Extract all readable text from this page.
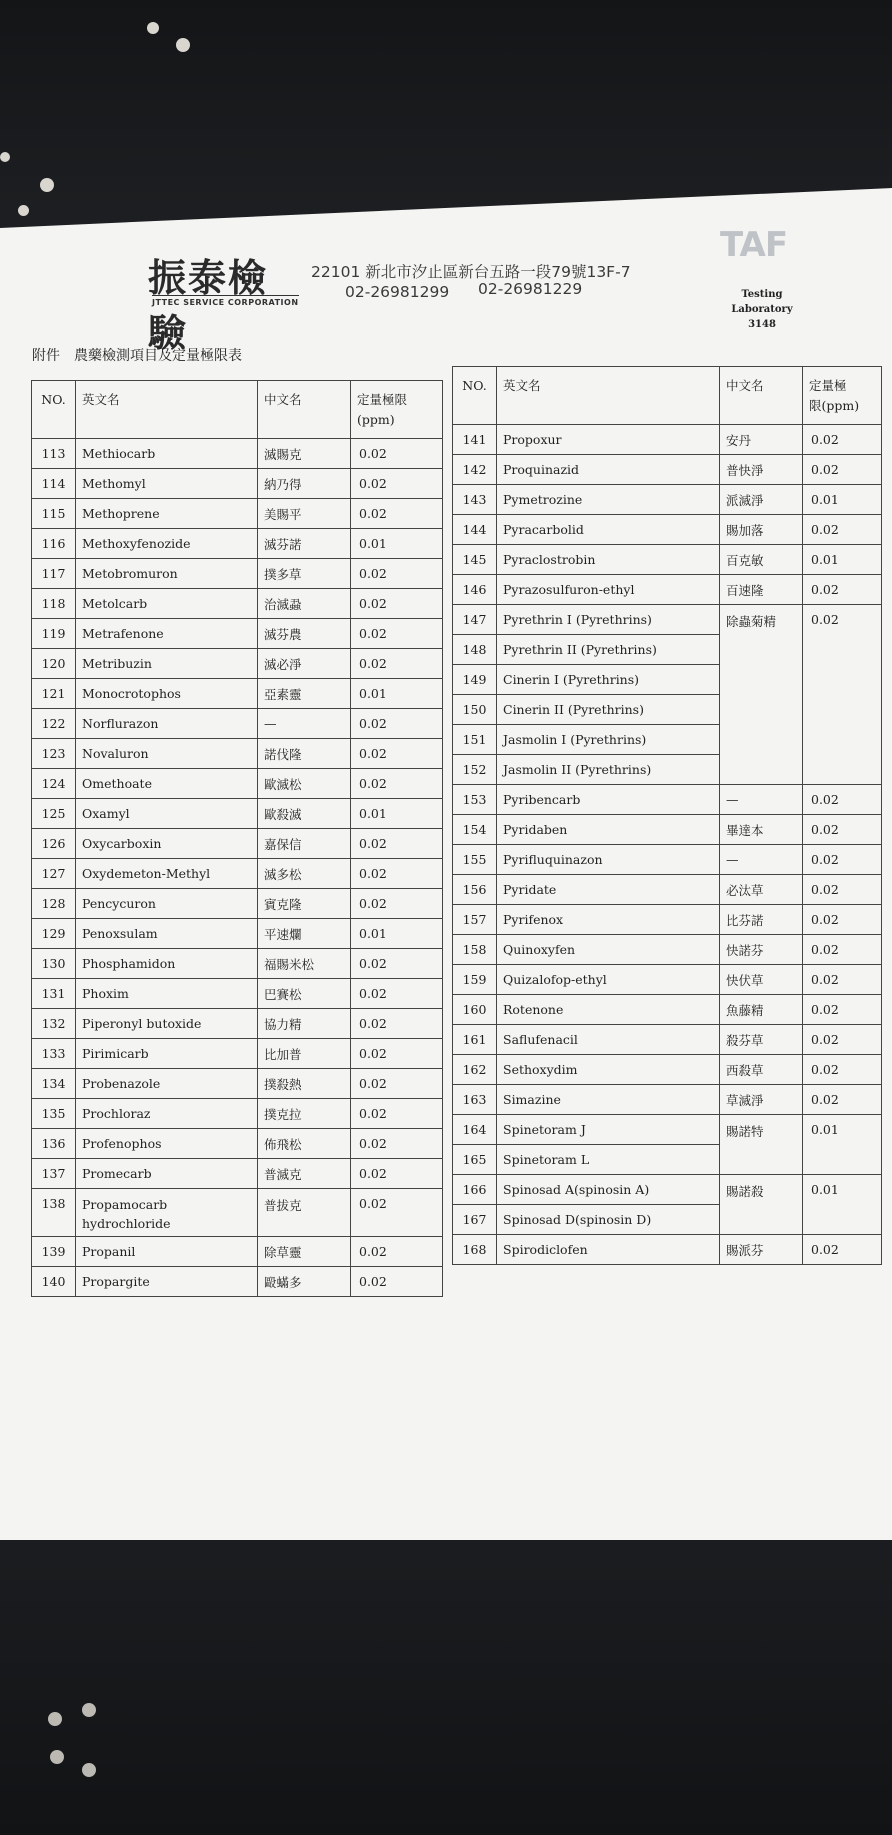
振泰檢驗
JTTEC SERVICE CORPORATION
22101 新北市汐止區新台五路一段79號13F-7
02-26981299 02-26981229
TAF
Testing Laboratory
3148
附件　農藥檢測項目及定量極限表
NO.	英文名	中文名	定量極限
(ppm)
113	Methiocarb	滅賜克	0.02
114	Methomyl	納乃得	0.02
115	Methoprene	美賜平	0.02
116	Methoxyfenozide	滅芬諾	0.01
117	Metobromuron	撲多草	0.02
118	Metolcarb	治滅蝨	0.02
119	Metrafenone	滅芬農	0.02
120	Metribuzin	滅必淨	0.02
121	Monocrotophos	亞素靈	0.01
122	Norflurazon	—	0.02
123	Novaluron	諾伐隆	0.02
124	Omethoate	歐滅松	0.02
125	Oxamyl	歐殺滅	0.01
126	Oxycarboxin	嘉保信	0.02
127	Oxydemeton-Methyl	滅多松	0.02
128	Pencycuron	賓克隆	0.02
129	Penoxsulam	平速爛	0.01
130	Phosphamidon	福賜米松	0.02
131	Phoxim	巴賽松	0.02
132	Piperonyl butoxide	協力精	0.02
133	Pirimicarb	比加普	0.02
134	Probenazole	撲殺熱	0.02
135	Prochloraz	撲克拉	0.02
136	Profenophos	佈飛松	0.02
137	Promecarb	普滅克	0.02
138	Propamocarb
hydrochloride	普拔克	0.02
139	Propanil	除草靈	0.02
140	Propargite	毆蟎多	0.02
NO.	英文名	中文名	定量極
限(ppm)
141	Propoxur	安丹	0.02
142	Proquinazid	普快淨	0.02
143	Pymetrozine	派滅淨	0.01
144	Pyracarbolid	賜加落	0.02
145	Pyraclostrobin	百克敏	0.01
146	Pyrazosulfuron-ethyl	百速隆	0.02
147	Pyrethrin I (Pyrethrins)	除蟲菊精	0.02
148	Pyrethrin II (Pyrethrins)		
149	Cinerin I (Pyrethrins)		
150	Cinerin II (Pyrethrins)		
151	Jasmolin I (Pyrethrins)		
152	Jasmolin II (Pyrethrins)		
153	Pyribencarb	—	0.02
154	Pyridaben	畢達本	0.02
155	Pyrifluquinazon	—	0.02
156	Pyridate	必汰草	0.02
157	Pyrifenox	比芬諾	0.02
158	Quinoxyfen	快諾芬	0.02
159	Quizalofop-ethyl	快伏草	0.02
160	Rotenone	魚藤精	0.02
161	Saflufenacil	殺芬草	0.02
162	Sethoxydim	西殺草	0.02
163	Simazine	草滅淨	0.02
164	Spinetoram J	賜諾特	0.01
165	Spinetoram L		
166	Spinosad A(spinosin A)	賜諾殺	0.01
167	Spinosad D(spinosin D)		
168	Spirodiclofen	賜派芬	0.02
